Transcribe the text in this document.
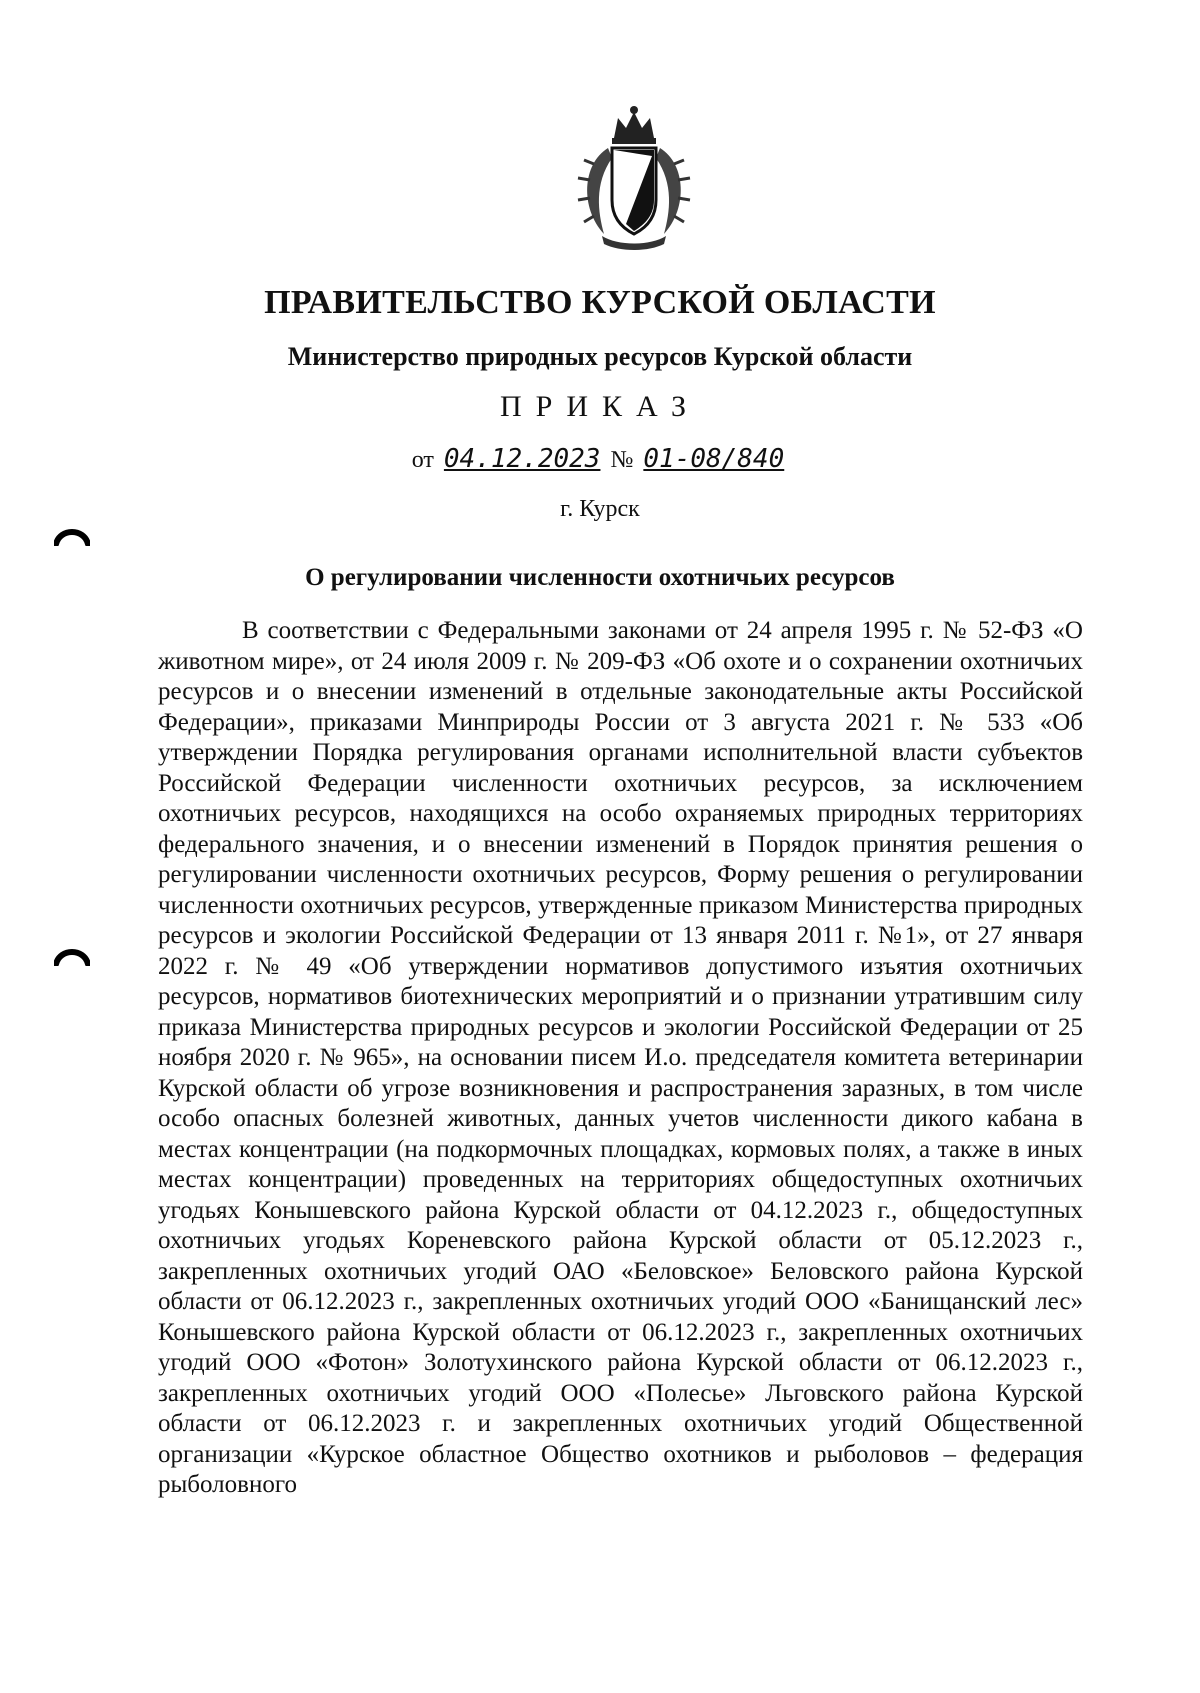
ПРАВИТЕЛЬСТВО КУРСКОЙ ОБЛАСТИ
Министерство природных ресурсов Курской области
ПРИКАЗ
от 04.12.2023 № 01-08/840
г. Курск
О регулировании численности охотничьих ресурсов
В соответствии с Федеральными законами от 24 апреля 1995 г. № 52-ФЗ «О животном мире», от 24 июля 2009 г. № 209-ФЗ «Об охоте и о сохранении охотничьих ресурсов и о внесении изменений в отдельные законодательные акты Российской Федерации», приказами Минприроды России от 3 августа 2021 г. № 533 «Об утверждении Порядка регулирования органами исполнительной власти субъектов Российской Федерации численности охотничьих ресурсов, за исключением охотничьих ресурсов, находящихся на особо охраняемых природных территориях федерального значения, и о внесении изменений в Порядок принятия решения о регулировании численности охотничьих ресурсов, Форму решения о регулировании численности охотничьих ресурсов, утвержденные приказом Министерства природных ресурсов и экологии Российской Федерации от 13 января 2011 г. №1», от 27 января 2022 г. № 49 «Об утверждении нормативов допустимого изъятия охотничьих ресурсов, нормативов биотехнических мероприятий и о признании утратившим силу приказа Министерства природных ресурсов и экологии Российской Федерации от 25 ноября 2020 г. № 965», на основании писем И.о. председателя комитета ветеринарии Курской области об угрозе возникновения и распространения заразных, в том числе особо опасных болезней животных, данных учетов численности дикого кабана в местах концентрации (на подкормочных площадках, кормовых полях, а также в иных местах концентрации) проведенных на территориях общедоступных охотничьих угодьях Конышевского района Курской области от 04.12.2023 г., общедоступных охотничьих угодьях Кореневского района Курской области от 05.12.2023 г., закрепленных охотничьих угодий ОАО «Беловское» Беловского района Курской области от 06.12.2023 г., закрепленных охотничьих угодий ООО «Банищанский лес» Конышевского района Курской области от 06.12.2023 г., закрепленных охотничьих угодий ООО «Фотон» Золотухинского района Курской области от 06.12.2023 г., закрепленных охотничьих угодий ООО «Полесье» Льговского района Курской области от 06.12.2023 г. и закрепленных охотничьих угодий Общественной организации «Курское областное Общество охотников и рыболовов – федерация рыболовного
